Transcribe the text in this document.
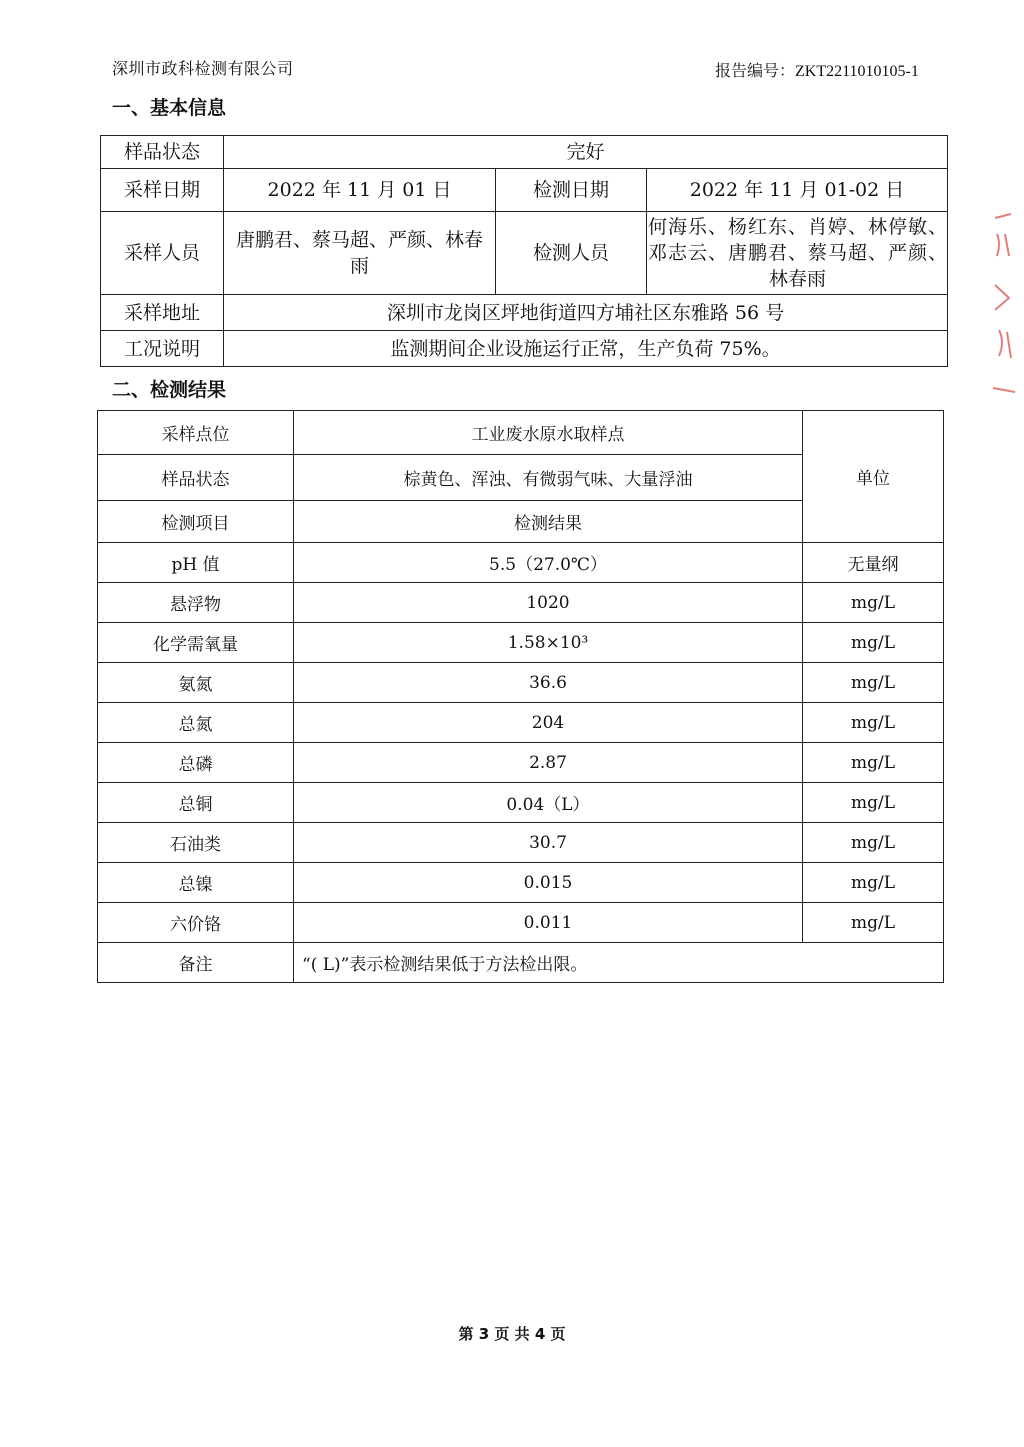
深圳市政科检测有限公司	报告编号：ZKT2211010105-1
一、基本信息
样品状态	完好		
采样日期	2022 年 11 月 01 日	检测日期	2022 年 11 月 01-02 日
采样人员	唐鹏君、蔡马超、严颜、林春雨	检测人员	何海乐、杨红东、肖婷、林停敏、邓志云、唐鹏君、蔡马超、严颜、林春雨
采样地址	深圳市龙岗区坪地街道四方埔社区东雅路 56 号		
工况说明	监测期间企业设施运行正常，生产负荷 75%。		
二、检测结果
采样点位	工业废水原水取样点	单位
样品状态	棕黄色、浑浊、有微弱气味、大量浮油	
检测项目	检测结果	
pH 值	5.5（27.0℃）	无量纲
悬浮物	1020	mg/L
化学需氧量	1.58×10³	mg/L
氨氮	36.6	mg/L
总氮	204	mg/L
总磷	2.87	mg/L
总铜	0.04（L）	mg/L
石油类	30.7	mg/L
总镍	0.015	mg/L
六价铬	0.011	mg/L
备注	“( L)”表示检测结果低于方法检出限。	
第 3 页 共 4 页
